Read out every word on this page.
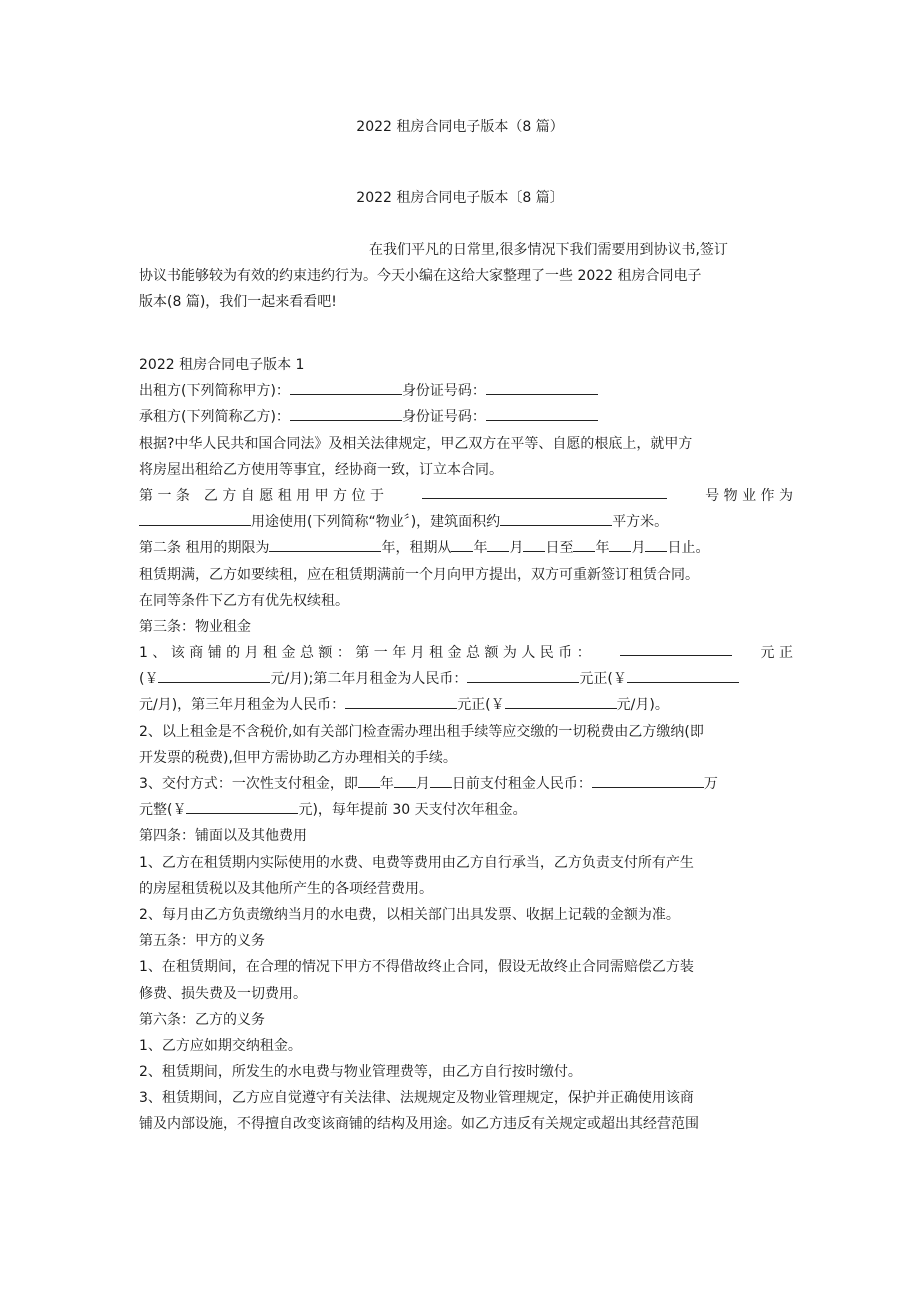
2022 租房合同电子版本（8 篇）
2022 租房合同电子版本〔8 篇〕
在我们平凡的日常里,很多情况下我们需要用到协议书,签订
协议书能够较为有效的约束违约行为。今天小编在这给大家整理了一些 2022 租房合同电子
版本(8 篇)，我们一起来看看吧!
2022 租房合同电子版本 1
出租方(下列简称甲方)：	身份证号码：
承租方(下列简称乙方)：	身份证号码：
根据?中华人民共和国合同法》及相关法律规定，甲乙双方在平等、自愿的根底上，就甲方
将房屋出租给乙方使用等事宜，经协商一致，订立本合同。
第 一 条　乙 方 自 愿 租 用 甲 方 位 于	号 物 业 作 为
用途使用(下列简称“物业〞)，建筑面积约	平方米。
第二条 租用的期限为	年，租期从 年 月 日至 年 月 日止。
租赁期满，乙方如要续租，应在租赁期满前一个月向甲方提出，双方可重新签订租赁合同。
在同等条件下乙方有优先权续租。
第三条：物业租金
1 、 该 商 铺 的 月 租 金 总 额 ： 第 一 年 月 租 金 总 额 为 人 民 币 ：	元 正
(￥	元/月);第二年月租金为人民币：	元正(￥
元/月)，第三年月租金为人民币：	元正(￥	元/月)。
2、以上租金是不含税价,如有关部门检查需办理出租手续等应交缴的一切税费由乙方缴纳(即
开发票的税费),但甲方需协助乙方办理相关的手续。
3、交付方式：一次性支付租金，即 年 月 日前支付租金人民币：	万
元整(￥	元)，每年提前 30 天支付次年租金。
第四条：铺面以及其他费用
1、乙方在租赁期内实际使用的水费、电费等费用由乙方自行承当，乙方负责支付所有产生
的房屋租赁税以及其他所产生的各项经营费用。
2、每月由乙方负责缴纳当月的水电费，以相关部门出具发票、收据上记载的金额为准。
第五条：甲方的义务
1、在租赁期间，在合理的情况下甲方不得借故终止合同，假设无故终止合同需赔偿乙方装
修费、损失费及一切费用。
第六条：乙方的义务
1、乙方应如期交纳租金。
2、租赁期间，所发生的水电费与物业管理费等，由乙方自行按时缴付。
3、租赁期间，乙方应自觉遵守有关法律、法规规定及物业管理规定，保护并正确使用该商
铺及内部设施，不得擅自改变该商铺的结构及用途。如乙方违反有关规定或超出其经营范围
